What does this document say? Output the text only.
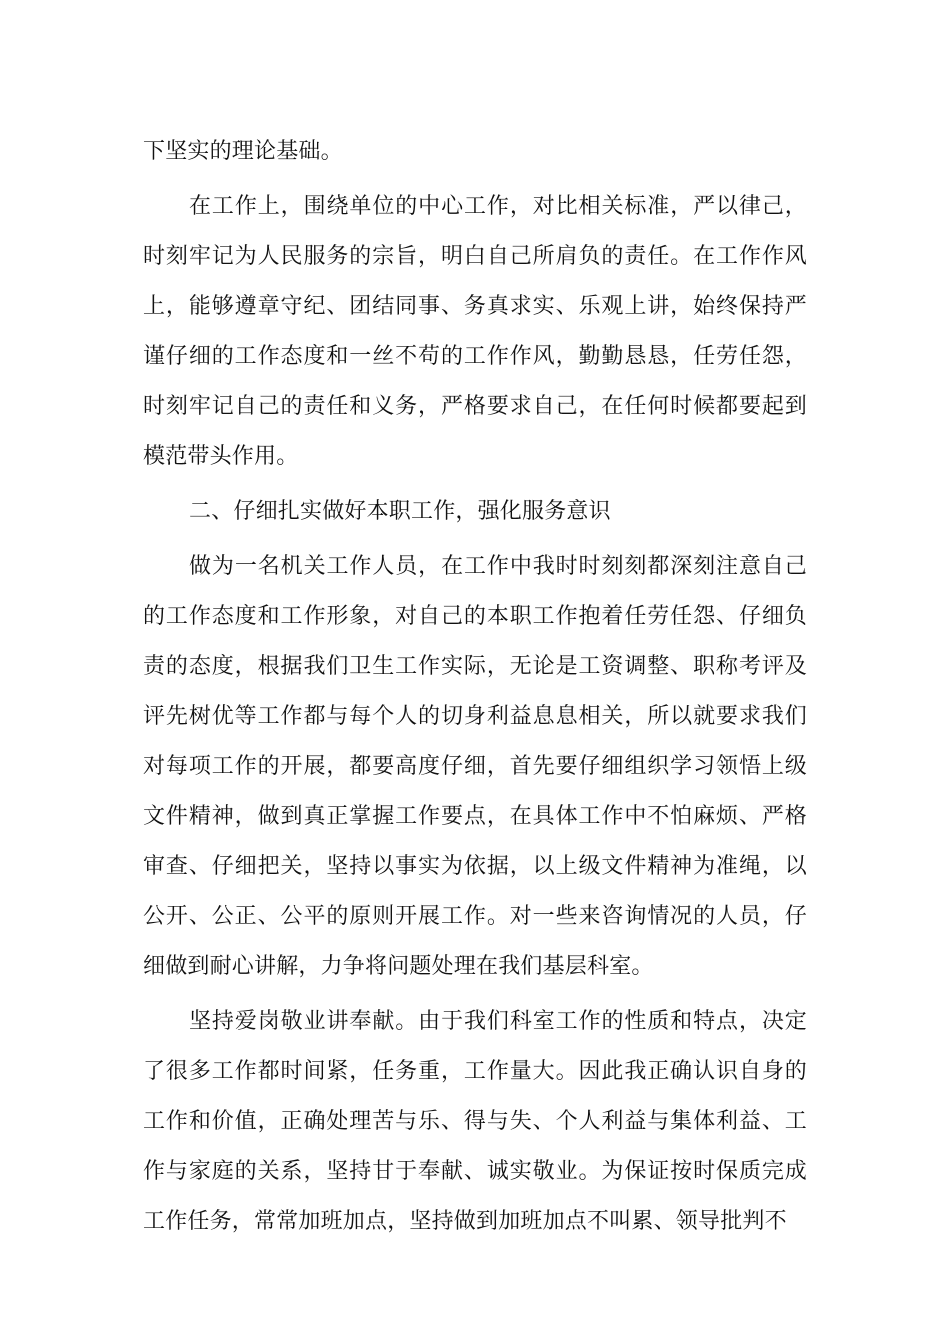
下坚实的理论基础。

在工作上，围绕单位的中心工作，对比相关标准，严以律己，时刻牢记为人民服务的宗旨，明白自己所肩负的责任。在工作作风上，能够遵章守纪、团结同事、务真求实、乐观上讲，始终保持严谨仔细的工作态度和一丝不苟的工作作风，勤勤恳恳，任劳任怨，时刻牢记自己的责任和义务，严格要求自己，在任何时候都要起到模范带头作用。

二、仔细扎实做好本职工作，强化服务意识

做为一名机关工作人员，在工作中我时时刻刻都深刻注意自己的工作态度和工作形象，对自己的本职工作抱着任劳任怨、仔细负责的态度，根据我们卫生工作实际，无论是工资调整、职称考评及评先树优等工作都与每个人的切身利益息息相关，所以就要求我们对每项工作的开展，都要高度仔细，首先要仔细组织学习领悟上级文件精神，做到真正掌握工作要点，在具体工作中不怕麻烦、严格审查、仔细把关，坚持以事实为依据，以上级文件精神为准绳，以公开、公正、公平的原则开展工作。对一些来咨询情况的人员，仔细做到耐心讲解，力争将问题处理在我们基层科室。

坚持爱岗敬业讲奉献。由于我们科室工作的性质和特点，决定了很多工作都时间紧，任务重，工作量大。因此我正确认识自身的工作和价值，正确处理苦与乐、得与失、个人利益与集体利益、工作与家庭的关系，坚持甘于奉献、诚实敬业。为保证按时保质完成工作任务，常常加班加点，坚持做到加班加点不叫累、领导批判不
